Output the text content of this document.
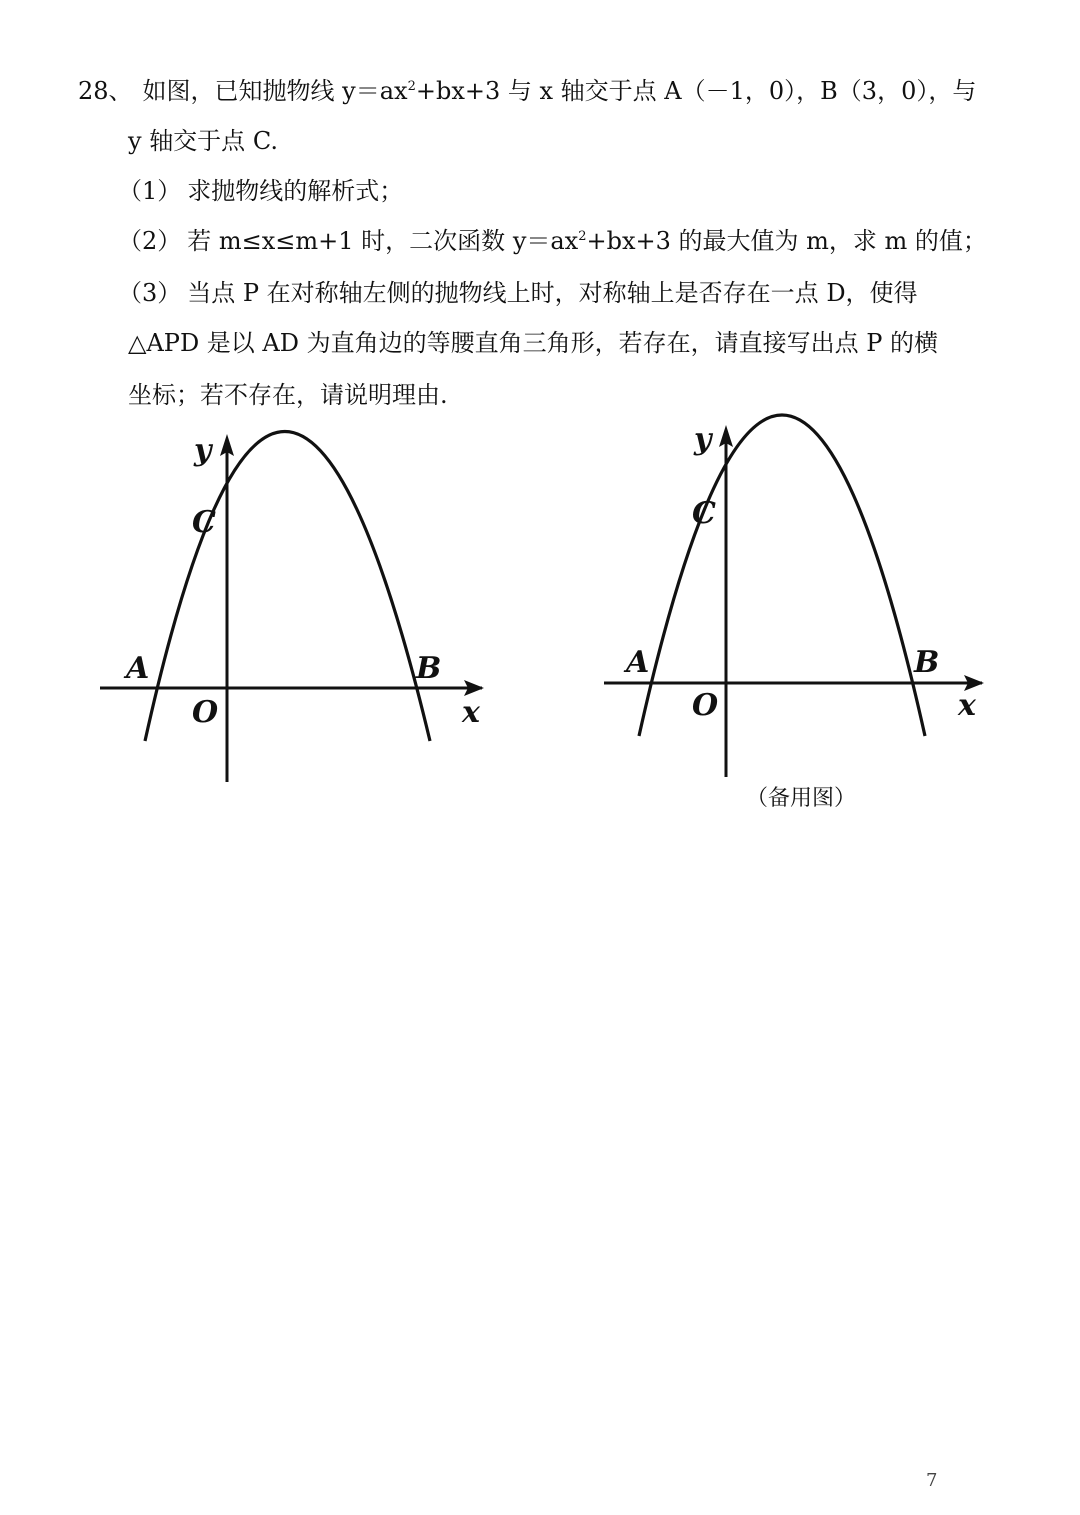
28、 如图，已知抛物线 $y=ax^2+bx+3$ 与 x 轴交于点 A（－1，0），B（3，0），与
y 轴交于点 C.
（1） 求抛物线的解析式；
（2） 若 m≤x≤m+1 时，二次函数 $y=ax^2+bx+3$ 的最大值为 m，求 m 的值；
（3） 当点 P 在对称轴左侧的抛物线上时，对称轴上是否存在一点 D，使得
△APD 是以 AD 为直角边的等腰直角三角形，若存在，请直接写出点 P 的横
坐标；若不存在，请说明理由.
y
x
C
A	B
O
y
x
C
A	B
O
（备用图）
7
